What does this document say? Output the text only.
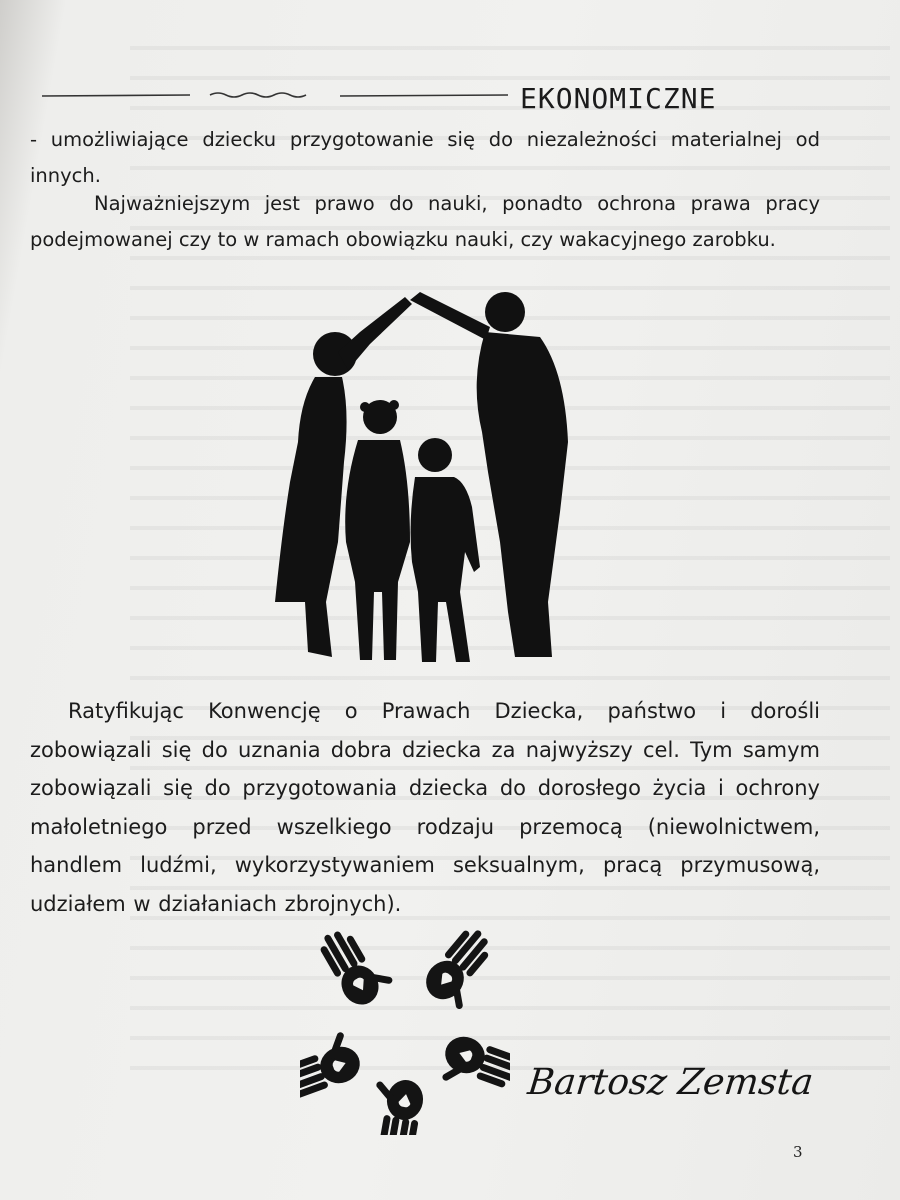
EKONOMICZNE

- umożliwiające dziecku przygotowanie się do niezależności materialnej od innych.

Najważniejszym jest prawo do nauki, ponadto ochrona prawa pracy podejmowanej czy to w ramach obowiązku nauki, czy wakacyjnego zarobku.

Ratyfikując Konwencję o Prawach Dziecka, państwo i dorośli zobowiązali się do uznania dobra dziecka za najwyższy cel. Tym samym zobowiązali się do przygotowania dziecka do dorosłego życia i ochrony małoletniego przed wszelkiego rodzaju przemocą (niewolnictwem, handlem ludźmi, wykorzystywaniem seksualnym, pracą przymusową, udziałem w działaniach zbrojnych).

Bartosz Zemsta
3
